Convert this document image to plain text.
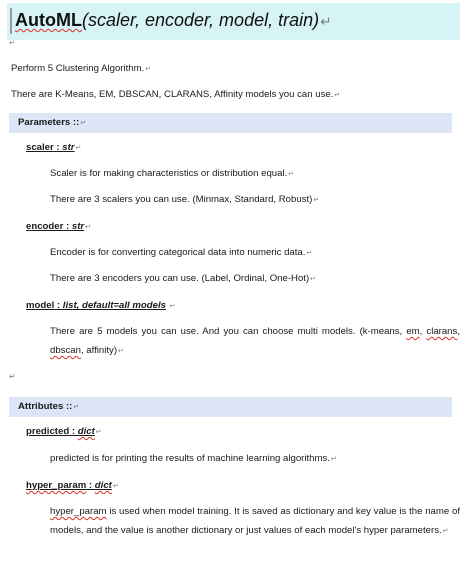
AutoML(scaler, encoder, model, train)↵
↵
Perform 5 Clustering Algorithm.↵
There are K-Means, EM, DBSCAN, CLARANS, Affinity models you can use.↵
Parameters ::↵
scaler : str↵
Scaler is for making characteristics or distribution equal.↵
There are 3 scalers you can use. (Minmax, Standard, Robust)↵
encoder : str↵
Encoder is for converting categorical data into numeric data.↵
There are 3 encoders you can use. (Label, Ordinal, One-Hot)↵
model : list, default=all models ↵
There are 5 models you can use. And you can choose multi models. (k-means, em, clarans, dbscan, affinity)↵
↵
Attributes ::↵
predicted : dict↵
predicted is for printing the results of machine learning algorithms.↵
hyper_param : dict↵
hyper_param is used when model training. It is saved as dictionary and key value is the name of models, and the value is another dictionary or just values of each model's hyper parameters.↵
